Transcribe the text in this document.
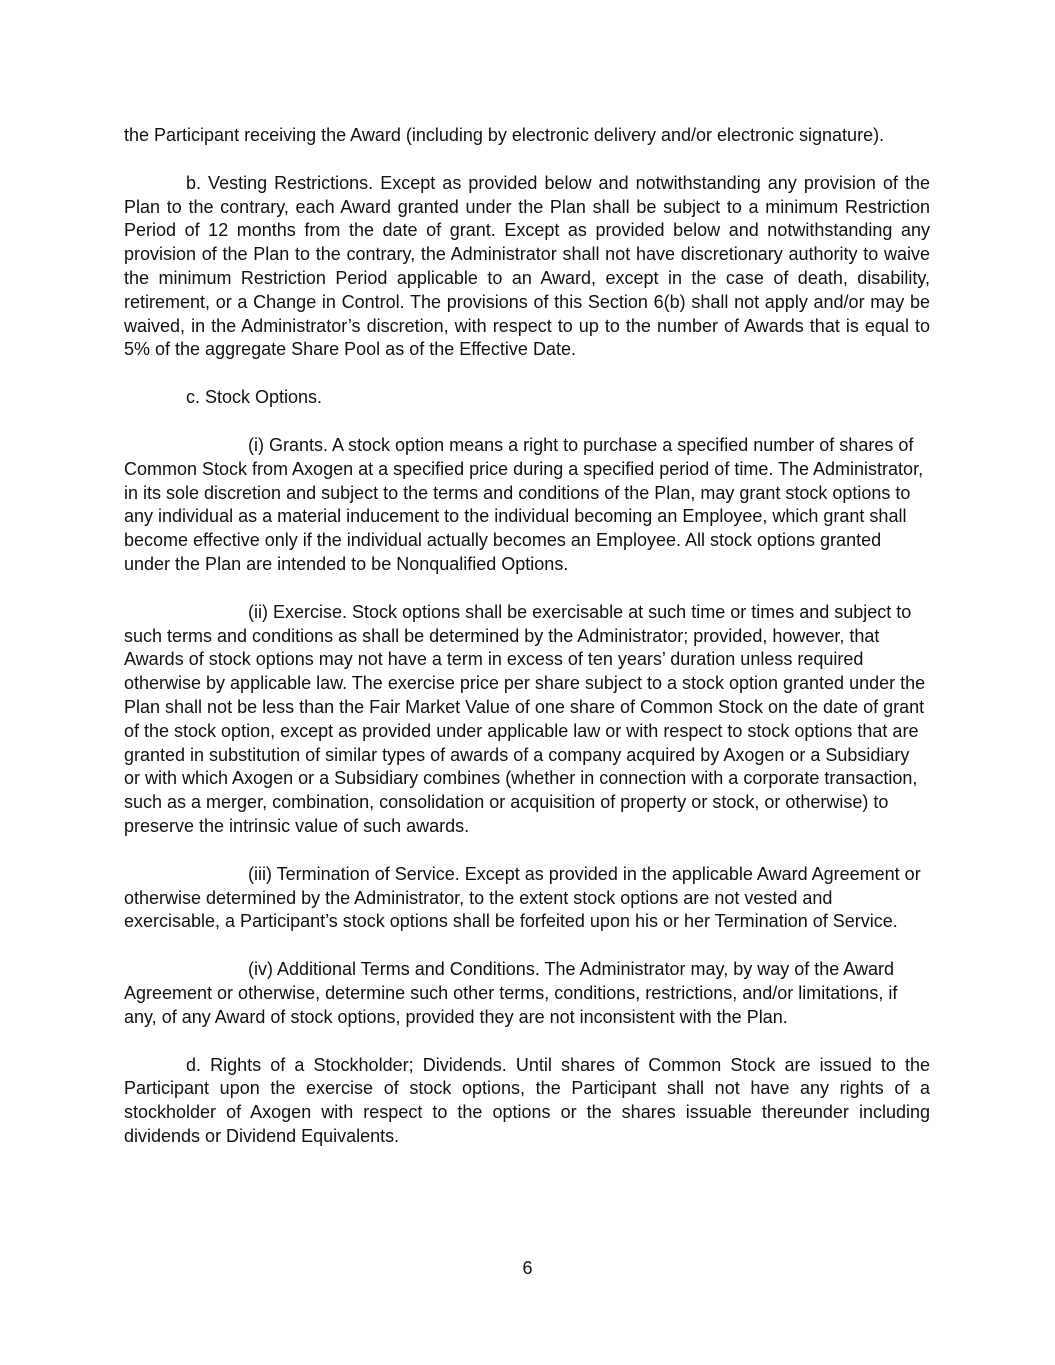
the Participant receiving the Award (including by electronic delivery and/or electronic signature).

b. Vesting Restrictions. Except as provided below and notwithstanding any provision of the Plan to the contrary, each Award granted under the Plan shall be subject to a minimum Restriction Period of 12 months from the date of grant. Except as provided below and notwithstanding any provision of the Plan to the contrary, the Administrator shall not have discretionary authority to waive the minimum Restriction Period applicable to an Award, except in the case of death, disability, retirement, or a Change in Control. The provisions of this Section 6(b) shall not apply and/or may be waived, in the Administrator’s discretion, with respect to up to the number of Awards that is equal to 5% of the aggregate Share Pool as of the Effective Date.

c. Stock Options.

(i) Grants. A stock option means a right to purchase a specified number of shares of Common Stock from Axogen at a specified price during a specified period of time. The Administrator, in its sole discretion and subject to the terms and conditions of the Plan, may grant stock options to any individual as a material inducement to the individual becoming an Employee, which grant shall become effective only if the individual actually becomes an Employee. All stock options granted under the Plan are intended to be Nonqualified Options.

(ii) Exercise. Stock options shall be exercisable at such time or times and subject to such terms and conditions as shall be determined by the Administrator; provided, however, that Awards of stock options may not have a term in excess of ten years’ duration unless required otherwise by applicable law. The exercise price per share subject to a stock option granted under the Plan shall not be less than the Fair Market Value of one share of Common Stock on the date of grant of the stock option, except as provided under applicable law or with respect to stock options that are granted in substitution of similar types of awards of a company acquired by Axogen or a Subsidiary or with which Axogen or a Subsidiary combines (whether in connection with a corporate transaction, such as a merger, combination, consolidation or acquisition of property or stock, or otherwise) to preserve the intrinsic value of such awards.

(iii) Termination of Service. Except as provided in the applicable Award Agreement or otherwise determined by the Administrator, to the extent stock options are not vested and exercisable, a Participant’s stock options shall be forfeited upon his or her Termination of Service.

(iv) Additional Terms and Conditions. The Administrator may, by way of the Award Agreement or otherwise, determine such other terms, conditions, restrictions, and/or limitations, if any, of any Award of stock options, provided they are not inconsistent with the Plan.

d. Rights of a Stockholder; Dividends. Until shares of Common Stock are issued to the Participant upon the exercise of stock options, the Participant shall not have any rights of a stockholder of Axogen with respect to the options or the shares issuable thereunder including dividends or Dividend Equivalents.

6
